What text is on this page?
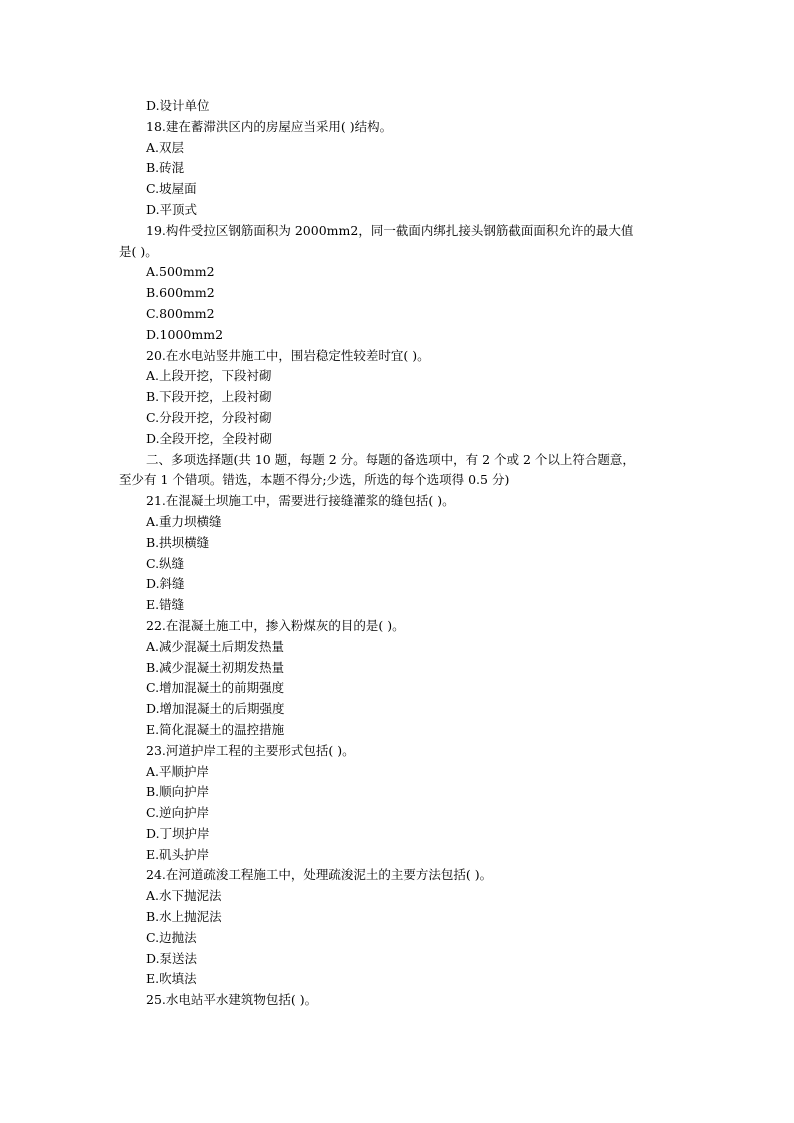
D.设计单位
18.建在蓄滞洪区内的房屋应当采用( )结构。
A.双层
B.砖混
C.坡屋面
D.平顶式
19.构件受拉区钢筋面积为 2000mm2，同一截面内绑扎接头钢筋截面面积允许的最大值
是( )。
A.500mm2
B.600mm2
C.800mm2
D.1000mm2
20.在水电站竖井施工中，围岩稳定性较差时宜( )。
A.上段开挖，下段衬砌
B.下段开挖，上段衬砌
C.分段开挖，分段衬砌
D.全段开挖，全段衬砌
二、多项选择题(共 10 题，每题 2 分。每题的备选项中，有 2 个或 2 个以上符合题意，
至少有 1 个错项。错选，本题不得分;少选，所选的每个选项得 0.5 分)
21.在混凝土坝施工中，需要进行接缝灌浆的缝包括( )。
A.重力坝横缝
B.拱坝横缝
C.纵缝
D.斜缝
E.错缝
22.在混凝土施工中，掺入粉煤灰的目的是( )。
A.减少混凝土后期发热量
B.减少混凝土初期发热量
C.增加混凝土的前期强度
D.增加混凝土的后期强度
E.简化混凝土的温控措施
23.河道护岸工程的主要形式包括( )。
A.平顺护岸
B.顺向护岸
C.逆向护岸
D.丁坝护岸
E.矶头护岸
24.在河道疏浚工程施工中，处理疏浚泥土的主要方法包括( )。
A.水下抛泥法
B.水上抛泥法
C.边抛法
D.泵送法
E.吹填法
25.水电站平水建筑物包括( )。
